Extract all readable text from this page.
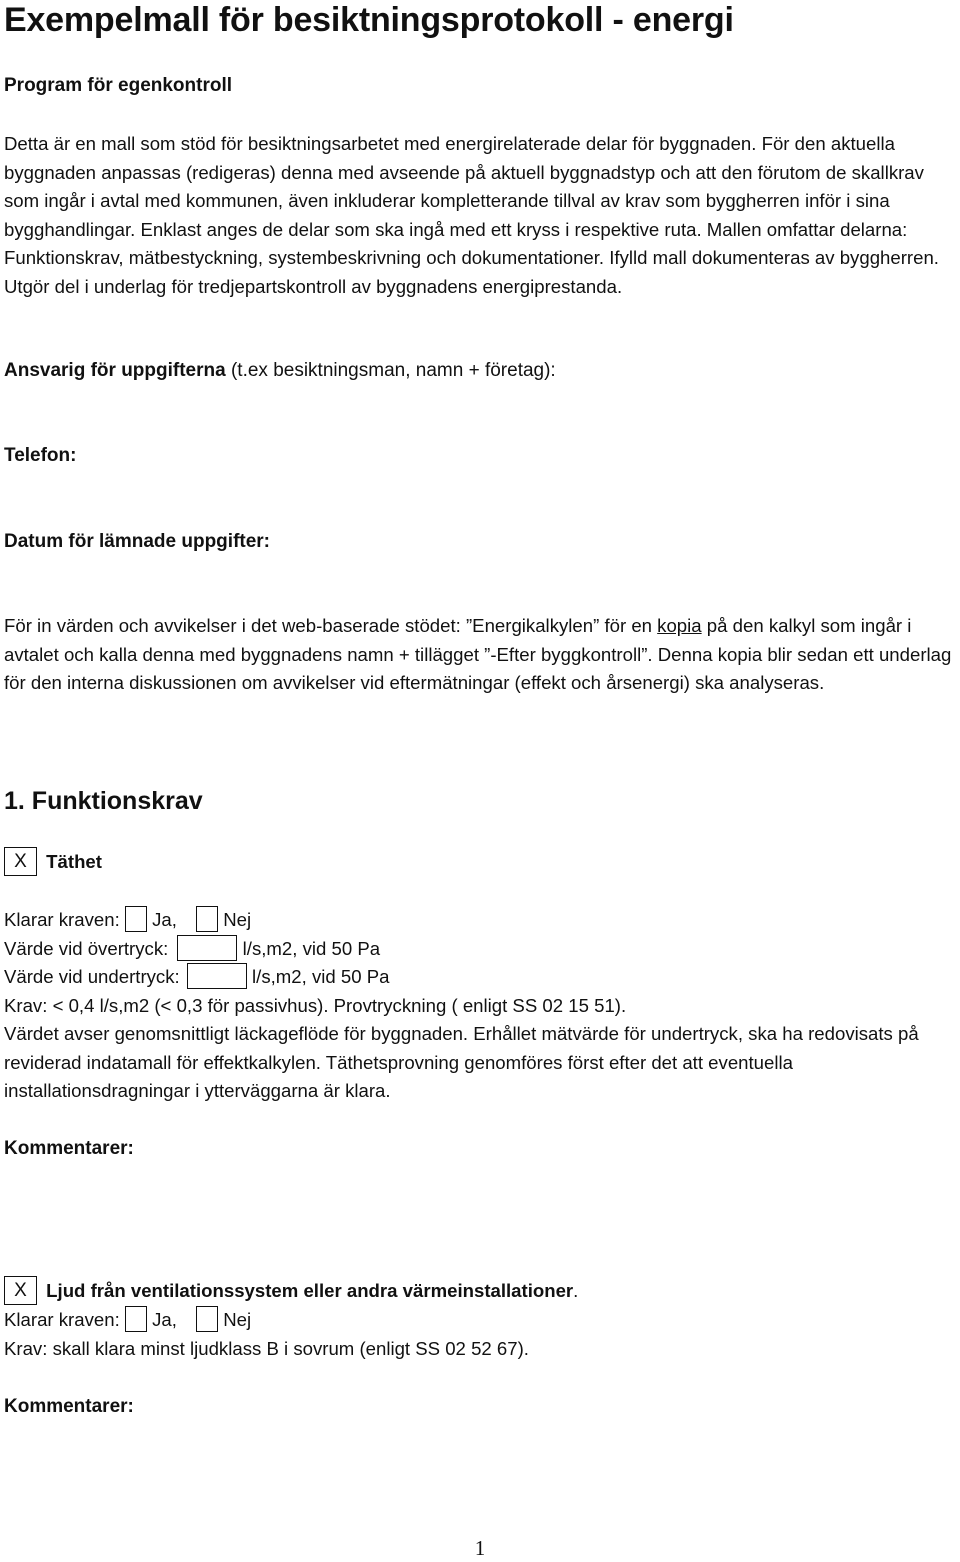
Exempelmall för besiktningsprotokoll - energi
Program för egenkontroll
Detta är en mall som stöd för besiktningsarbetet med energirelaterade delar för byggnaden. För den aktuella byggnaden anpassas (redigeras) denna med avseende på aktuell byggnadstyp och att den förutom de skallkrav som ingår i avtal med kommunen, även inkluderar kompletterande tillval av krav som byggherren inför i sina bygghandlingar. Enklast anges de delar som ska ingå med ett kryss i respektive ruta. Mallen omfattar delarna: Funktionskrav, mätbestyckning, systembeskrivning och dokumentationer. Ifylld mall dokumenteras av byggherren. Utgör del i underlag för tredjepartskontroll av byggnadens energiprestanda.
Ansvarig för uppgifterna (t.ex besiktningsman, namn + företag):
Telefon:
Datum för lämnade uppgifter:
För in värden och avvikelser i det web-baserade stödet: ”Energikalkylen” för en kopia på den kalkyl som ingår i avtalet och kalla denna med byggnadens namn + tillägget ”-Efter byggkontroll”. Denna kopia blir sedan ett underlag för den interna diskussionen om avvikelser vid eftermätningar (effekt och årsenergi) ska analyseras.
1. Funktionskrav
X Täthet
Klarar kraven: Ja, Nej
Värde vid övertryck:	l/s,m2, vid 50 Pa
Värde vid undertryck:	l/s,m2, vid 50 Pa
Krav: < 0,4 l/s,m2 (< 0,3 för passivhus). Provtryckning ( enligt SS 02 15 51).
Värdet avser genomsnittligt läckageflöde för byggnaden. Erhållet mätvärde för undertryck, ska ha redovisats på reviderad indatamall för effektkalkylen. Täthetsprovning genomföres först efter det att eventuella installationsdragningar i ytterväggarna är klara.
Kommentarer:
X Ljud från ventilationssystem eller andra värmeinstallationer.
Klarar kraven: Ja, Nej
Krav: skall klara minst ljudklass B i sovrum (enligt SS 02 52 67).
Kommentarer:
1
